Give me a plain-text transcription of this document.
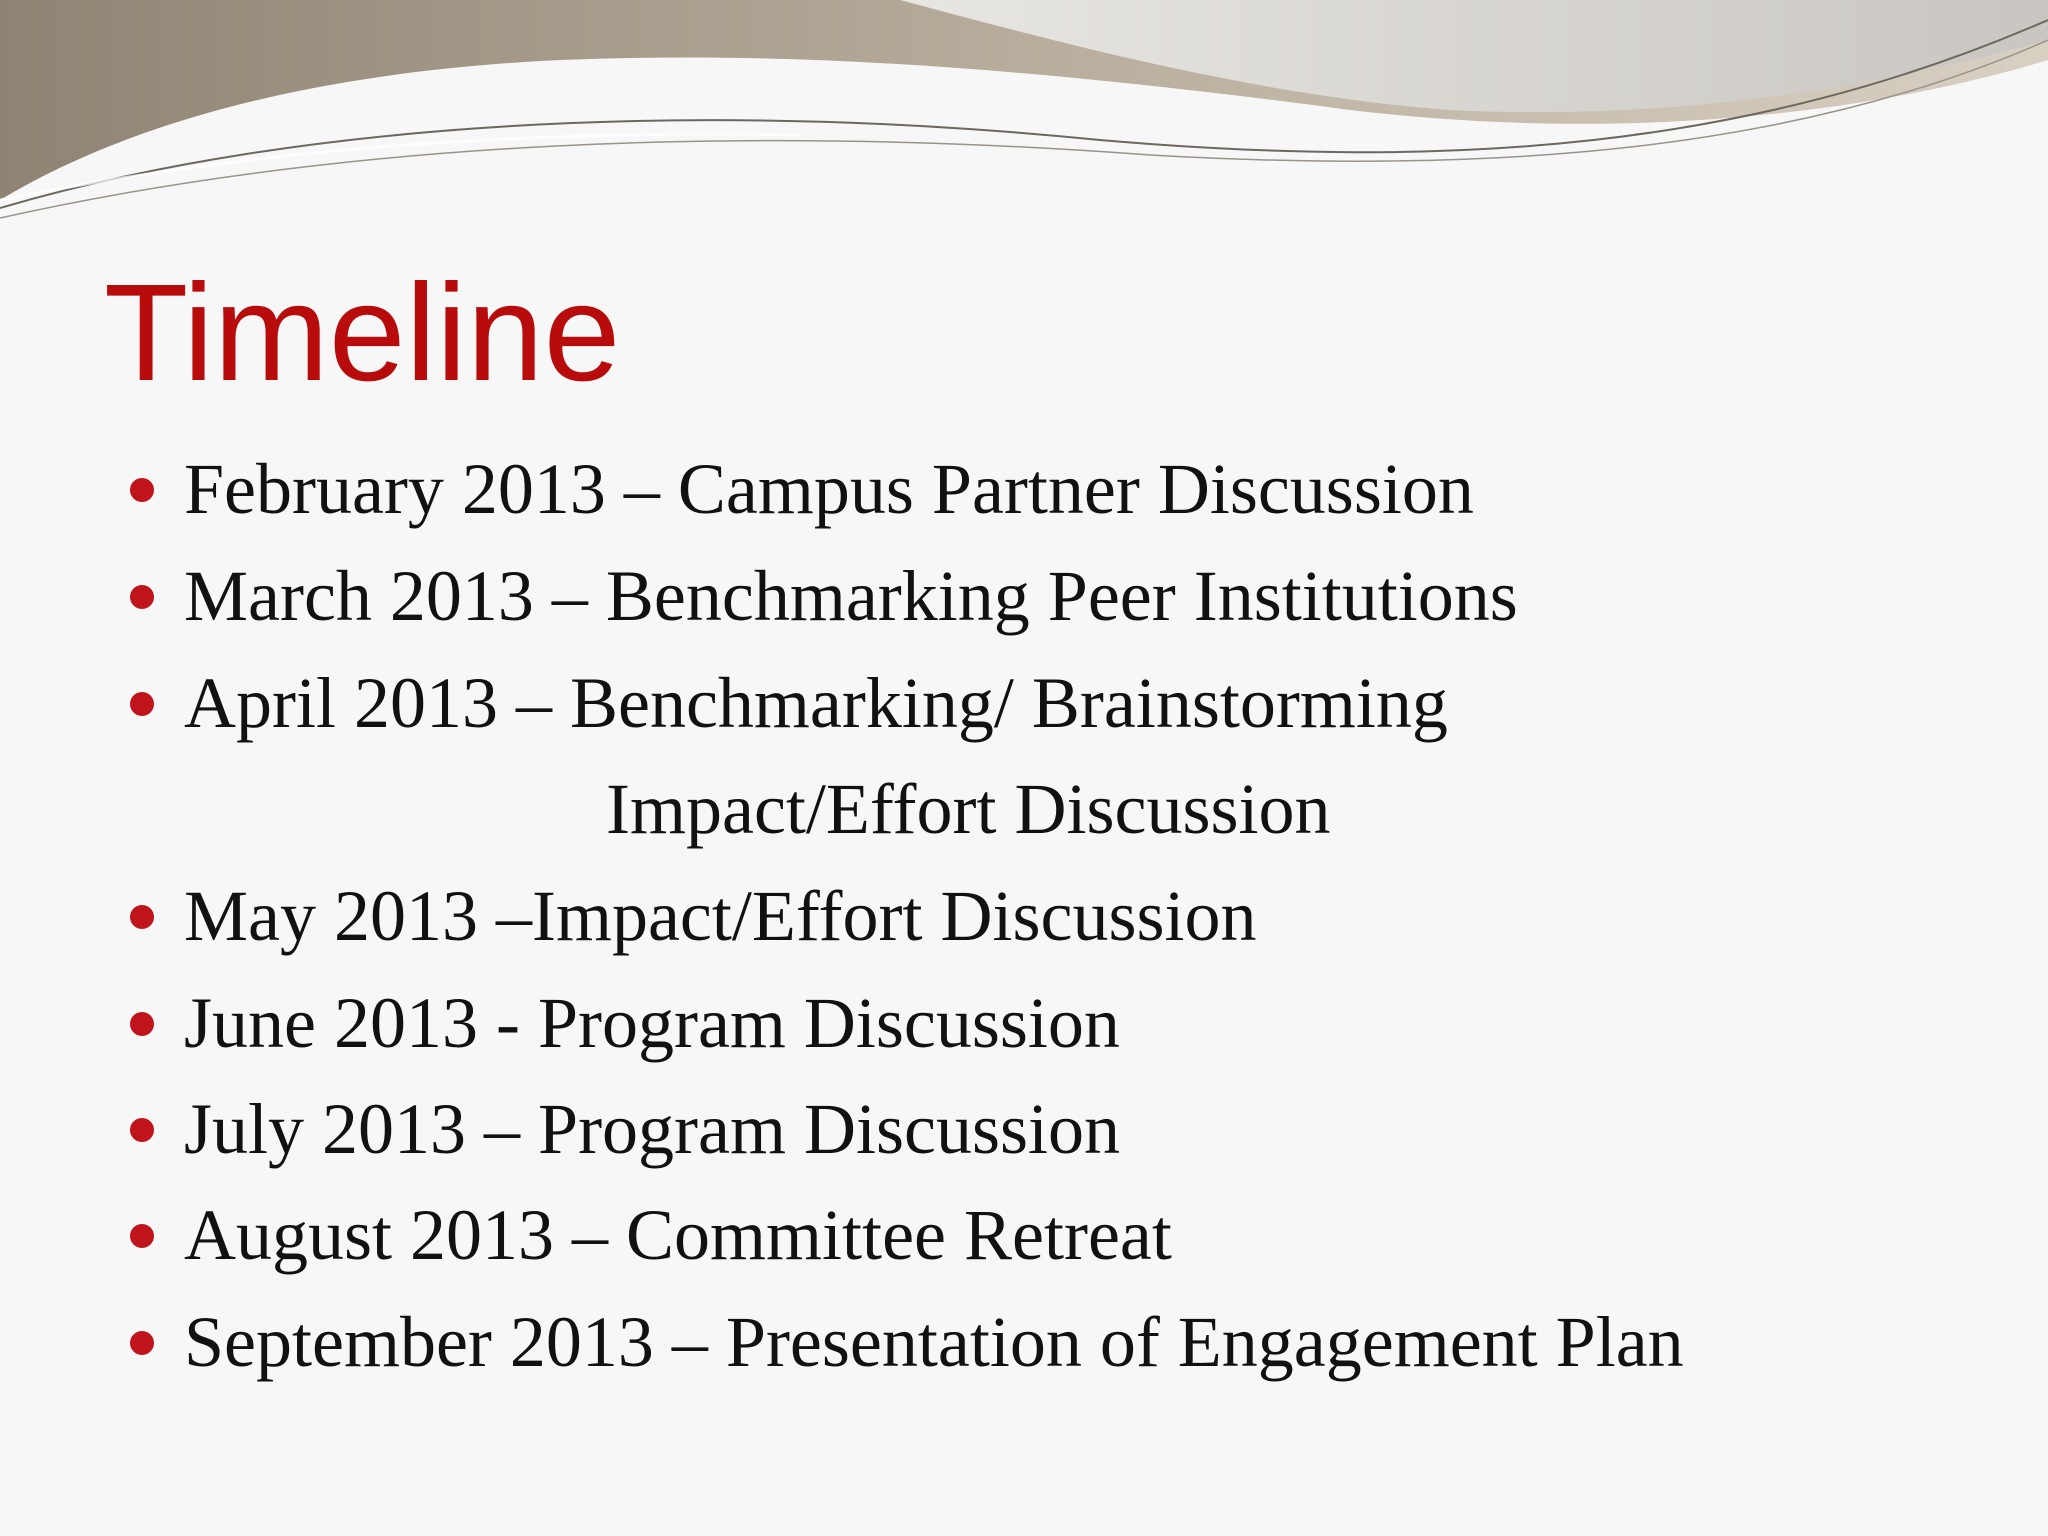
Timeline
February 2013 – Campus Partner Discussion
March 2013 – Benchmarking Peer Institutions
April 2013 – Benchmarking/ Brainstorming
Impact/Effort Discussion
May 2013 –Impact/Effort Discussion
June 2013 - Program Discussion
July 2013 – Program Discussion
August 2013 – Committee Retreat
September 2013 – Presentation of Engagement Plan
